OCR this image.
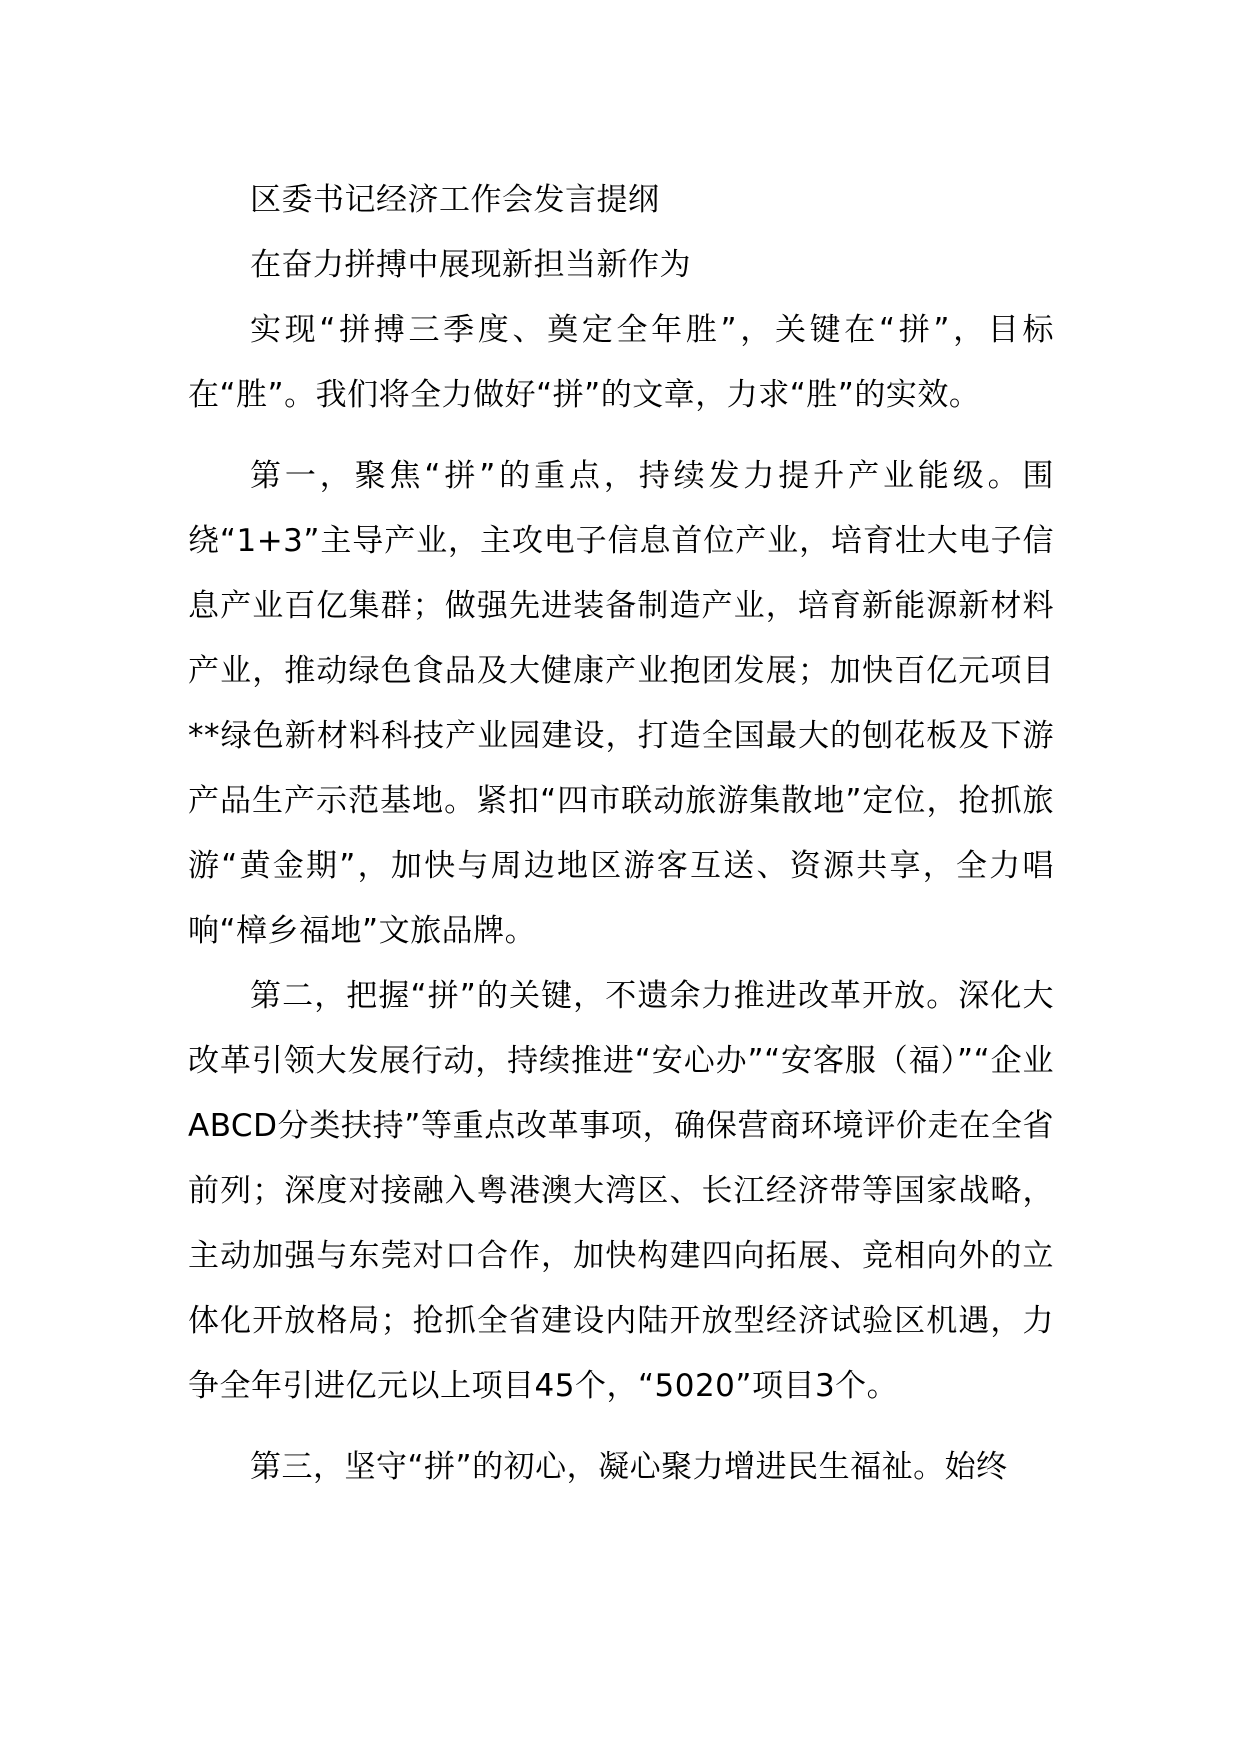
区委书记经济工作会发言提纲

在奋力拼搏中展现新担当新作为

实现“拼搏三季度、奠定全年胜”，关键在“拼”，目标在“胜”。我们将全力做好“拼”的文章，力求“胜”的实效。

第一，聚焦“拼”的重点，持续发力提升产业能级。围绕“1+3”主导产业，主攻电子信息首位产业，培育壮大电子信息产业百亿集群；做强先进装备制造产业，培育新能源新材料产业，推动绿色食品及大健康产业抱团发展；加快百亿元项目**绿色新材料科技产业园建设，打造全国最大的刨花板及下游产品生产示范基地。紧扣“四市联动旅游集散地”定位，抢抓旅游“黄金期”，加快与周边地区游客互送、资源共享，全力唱响“樟乡福地”文旅品牌。

第二，把握“拼”的关键，不遗余力推进改革开放。深化大改革引领大发展行动，持续推进“安心办”“安客服（福）”“企业ABCD分类扶持”等重点改革事项，确保营商环境评价走在全省前列；深度对接融入粤港澳大湾区、长江经济带等国家战略，主动加强与东莞对口合作，加快构建四向拓展、竞相向外的立体化开放格局；抢抓全省建设内陆开放型经济试验区机遇，力争全年引进亿元以上项目45个，“5020”项目3个。

第三，坚守“拼”的初心，凝心聚力增进民生福祉。始终
